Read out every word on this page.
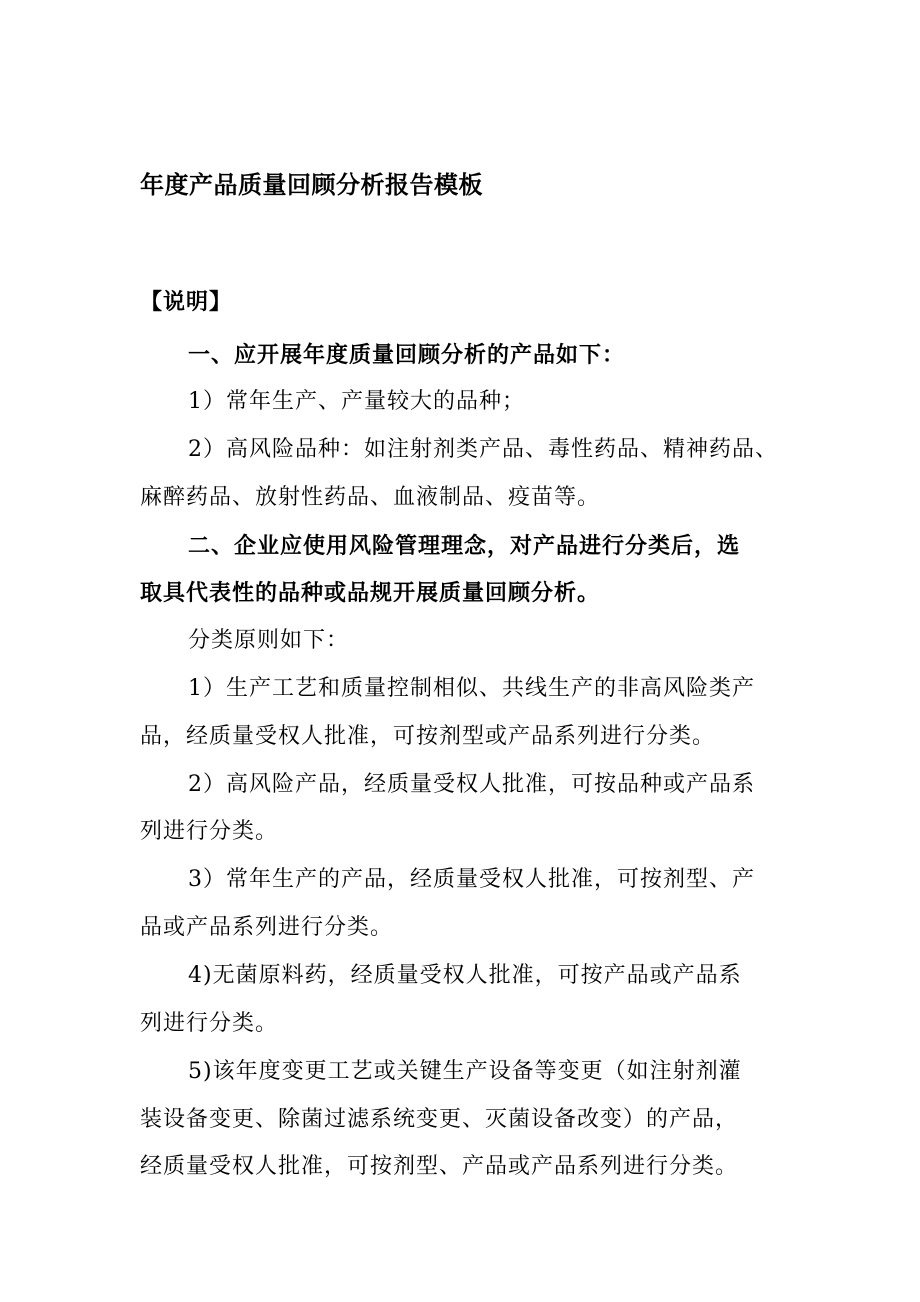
年度产品质量回顾分析报告模板
【说明】
一、应开展年度质量回顾分析的产品如下：
1）常年生产、产量较大的品种；
2）高风险品种：如注射剂类产品、毒性药品、精神药品、
麻醉药品、放射性药品、血液制品、疫苗等。
二、企业应使用风险管理理念，对产品进行分类后，选
取具代表性的品种或品规开展质量回顾分析。
分类原则如下：
1）生产工艺和质量控制相似、共线生产的非高风险类产
品，经质量受权人批准，可按剂型或产品系列进行分类。
2）高风险产品，经质量受权人批准，可按品种或产品系
列进行分类。
3）常年生产的产品，经质量受权人批准，可按剂型、产
品或产品系列进行分类。
4)无菌原料药，经质量受权人批准，可按产品或产品系
列进行分类。
5)该年度变更工艺或关键生产设备等变更（如注射剂灌
装设备变更、除菌过滤系统变更、灭菌设备改变）的产品，
经质量受权人批准，可按剂型、产品或产品系列进行分类。
